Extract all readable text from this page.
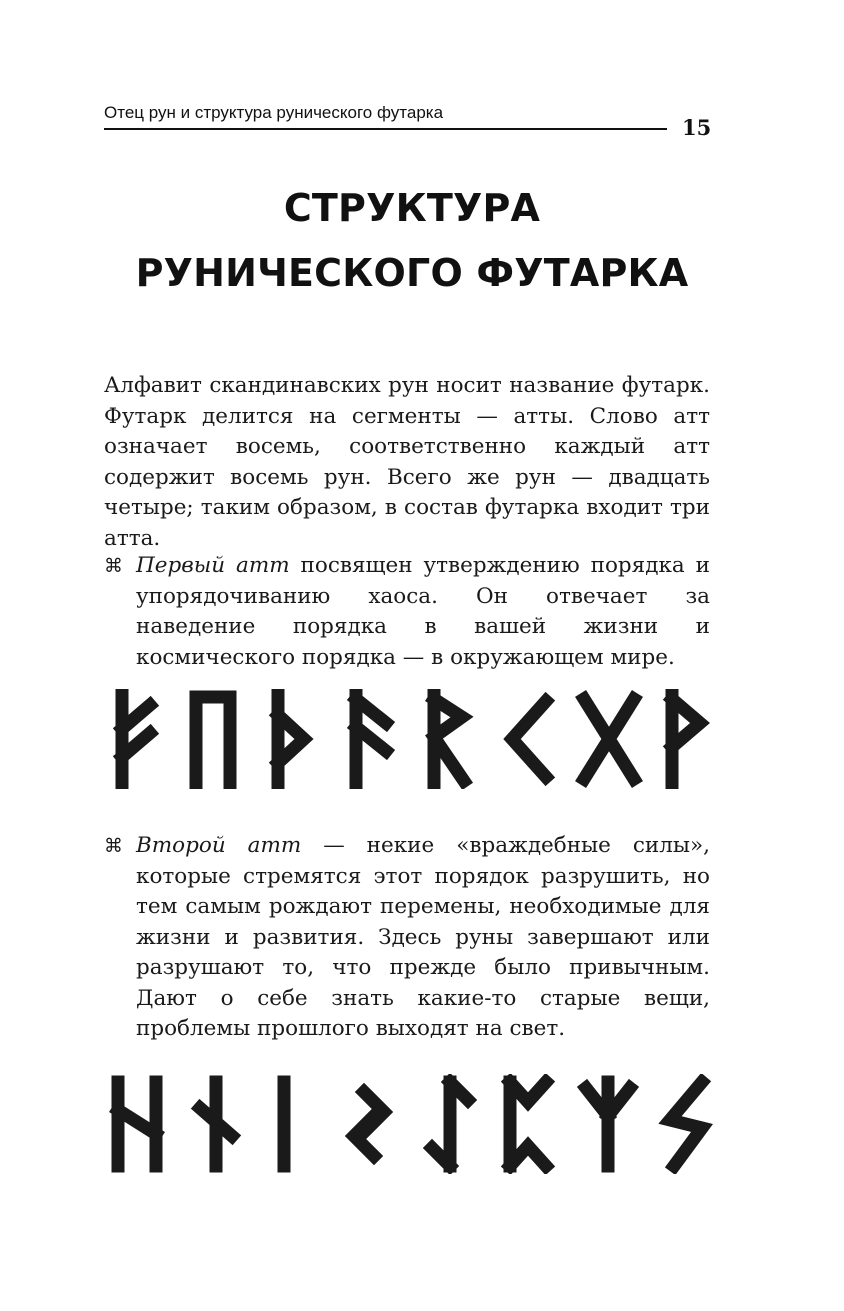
Отец рун и структура рунического футарка
15
СТРУКТУРА
РУНИЧЕСКОГО ФУТАРКА

Алфавит скандинавских рун носит название футарк. Футарк делится на сегменты — атты. Слово атт означает восемь, соответственно каждый атт содержит восемь рун. Всего же рун — двадцать четыре; таким образом, в состав футарка входит три атта.

⌘ Первый атт посвящен утверждению порядка и упорядочиванию хаоса. Он отвечает за наведение порядка в вашей жизни и космического порядка — в окружающем мире.
⌘ Второй атт — некие «враждебные силы», которые стремятся этот порядок разрушить, но тем самым рождают перемены, необходимые для жизни и развития. Здесь руны завершают или разрушают то, что прежде было привычным. Дают о себе знать какие-то старые вещи, проблемы прошлого выходят на свет.
